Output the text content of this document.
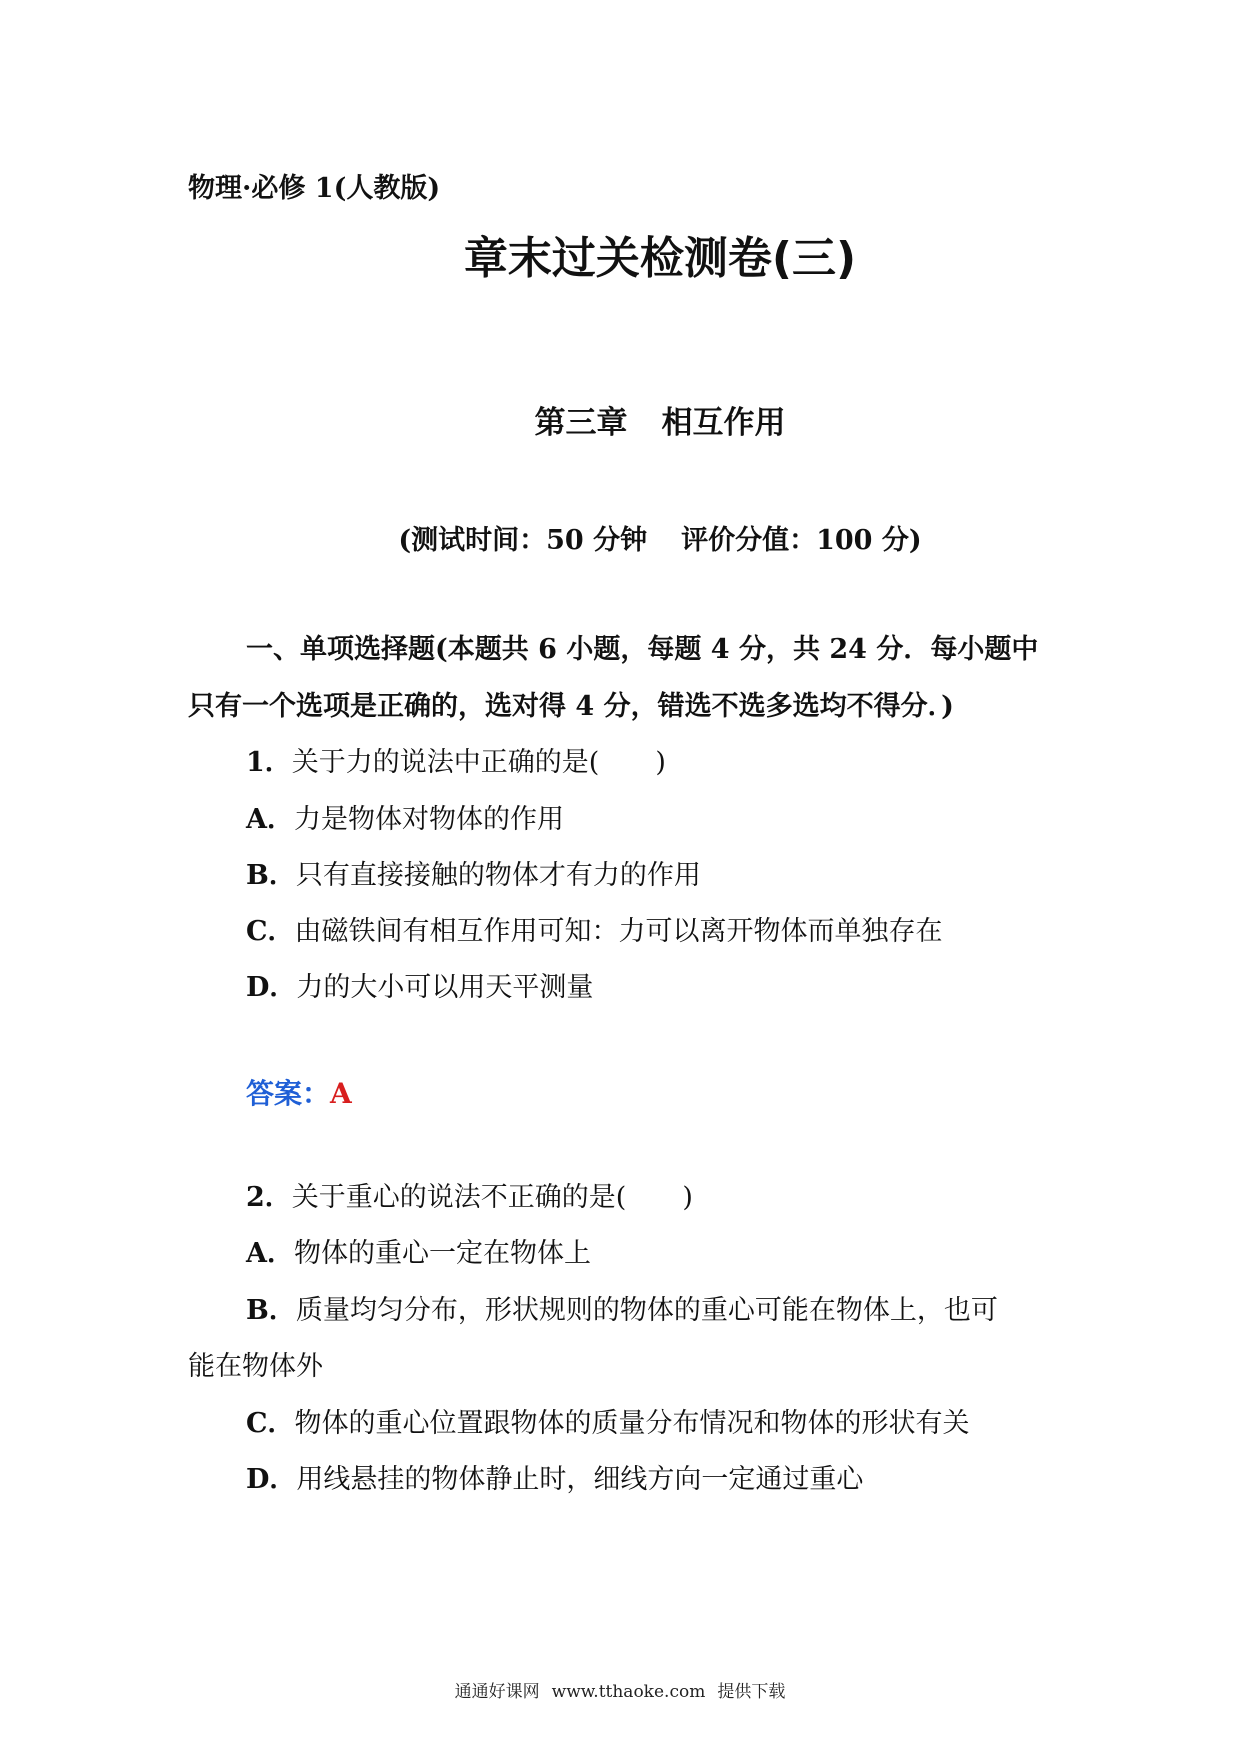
物理·必修 1(人教版)
章末过关检测卷(三)
第三章 相互作用
(测试时间：50 分钟 评价分值：100 分)
一、单项选择题(本题共 6 小题，每题 4 分，共 24 分．每小题中
只有一个选项是正确的，选对得 4 分，错选不选多选均不得分．)
1．关于力的说法中正确的是( )
A．力是物体对物体的作用
B．只有直接接触的物体才有力的作用
C．由磁铁间有相互作用可知：力可以离开物体而单独存在
D．力的大小可以用天平测量
答案：A
2．关于重心的说法不正确的是( )
A．物体的重心一定在物体上
B．质量均匀分布，形状规则的物体的重心可能在物体上，也可
能在物体外
C．物体的重心位置跟物体的质量分布情况和物体的形状有关
D．用线悬挂的物体静止时，细线方向一定通过重心
通通好课网 www.tthaoke.com 提供下载
